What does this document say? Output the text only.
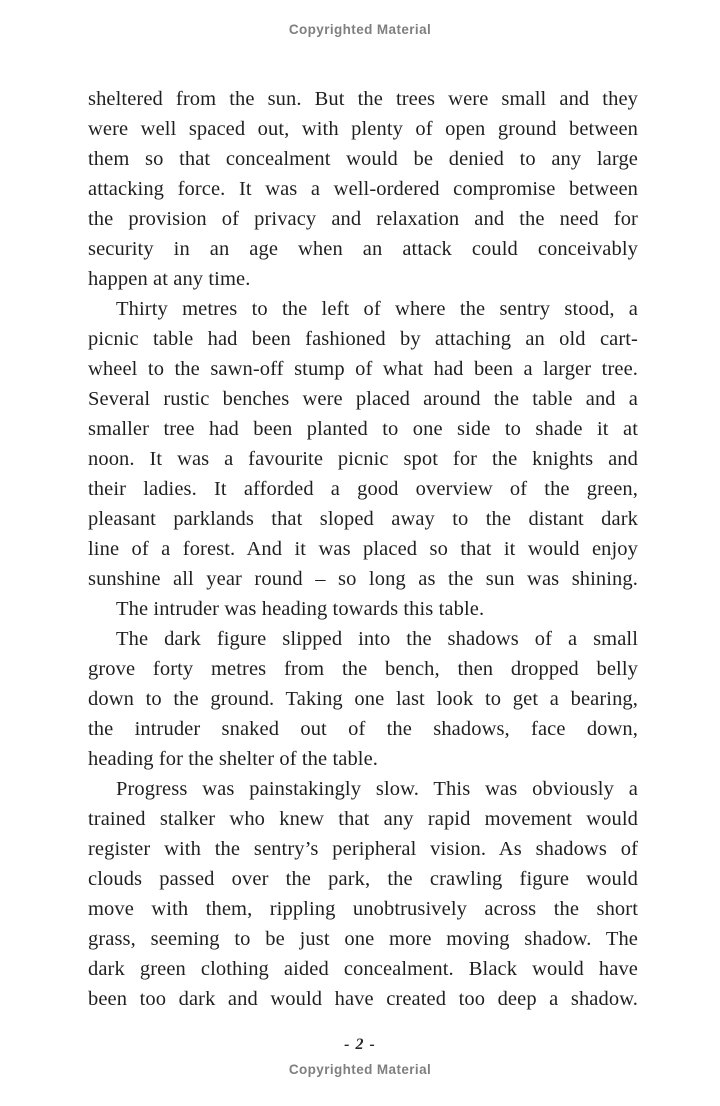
Copyrighted Material
sheltered from the sun. But the trees were small and they
were well spaced out, with plenty of open ground between
them so that concealment would be denied to any large
attacking force. It was a well-ordered compromise between
the provision of privacy and relaxation and the need for
security in an age when an attack could conceivably
happen at any time.
Thirty metres to the left of where the sentry stood, a
picnic table had been fashioned by attaching an old cart-
wheel to the sawn-off stump of what had been a larger tree.
Several rustic benches were placed around the table and a
smaller tree had been planted to one side to shade it at
noon. It was a favourite picnic spot for the knights and
their ladies. It afforded a good overview of the green,
pleasant parklands that sloped away to the distant dark
line of a forest. And it was placed so that it would enjoy
sunshine all year round – so long as the sun was shining.
The intruder was heading towards this table.
The dark figure slipped into the shadows of a small
grove forty metres from the bench, then dropped belly
down to the ground. Taking one last look to get a bearing,
the intruder snaked out of the shadows, face down,
heading for the shelter of the table.
Progress was painstakingly slow. This was obviously a
trained stalker who knew that any rapid movement would
register with the sentry’s peripheral vision. As shadows of
clouds passed over the park, the crawling figure would
move with them, rippling unobtrusively across the short
grass, seeming to be just one more moving shadow. The
dark green clothing aided concealment. Black would have
been too dark and would have created too deep a shadow.
- 2 -
Copyrighted Material
